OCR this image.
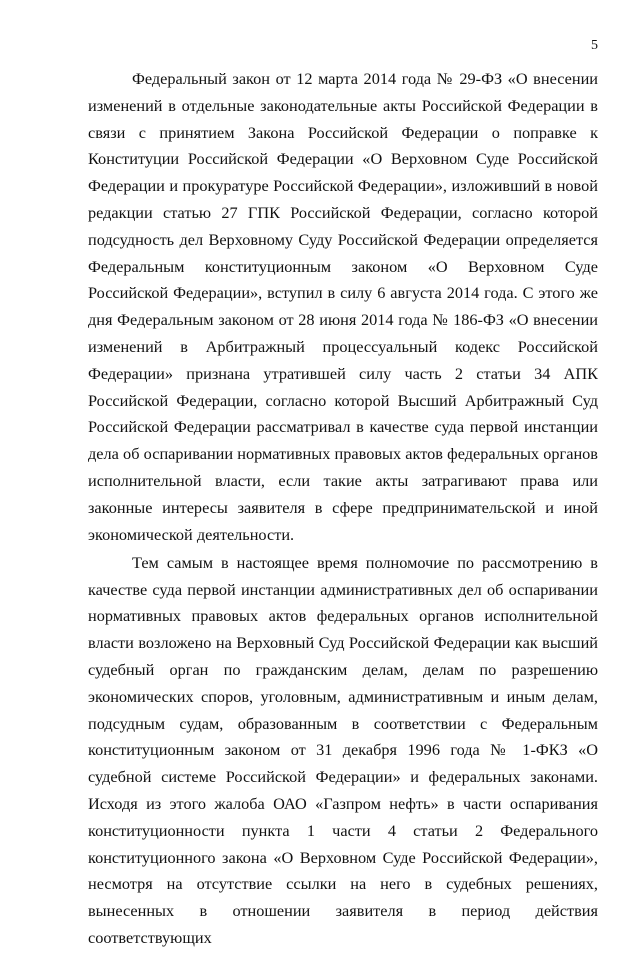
5

Федеральный закон от 12 марта 2014 года № 29-ФЗ «О внесении изменений в отдельные законодательные акты Российской Федерации в связи с принятием Закона Российской Федерации о поправке к Конституции Российской Федерации «О Верховном Суде Российской Федерации и прокуратуре Российской Федерации», изложивший в новой редакции статью 27 ГПК Российской Федерации, согласно которой подсудность дел Верховному Суду Российской Федерации определяется Федеральным конституционным законом «О Верховном Суде Российской Федерации», вступил в силу 6 августа 2014 года. С этого же дня Федеральным законом от 28 июня 2014 года № 186-ФЗ «О внесении изменений в Арбитражный процессуальный кодекс Российской Федерации» признана утратившей силу часть 2 статьи 34 АПК Российской Федерации, согласно которой Высший Арбитражный Суд Российской Федерации рассматривал в качестве суда первой инстанции дела об оспаривании нормативных правовых актов федеральных органов исполнительной власти, если такие акты затрагивают права или законные интересы заявителя в сфере предпринимательской и иной экономической деятельности.

Тем самым в настоящее время полномочие по рассмотрению в качестве суда первой инстанции административных дел об оспаривании нормативных правовых актов федеральных органов исполнительной власти возложено на Верховный Суд Российской Федерации как высший судебный орган по гражданским делам, делам по разрешению экономических споров, уголовным, административным и иным делам, подсудным судам, образованным в соответствии с Федеральным конституционным законом от 31 декабря 1996 года № 1-ФКЗ «О судебной системе Российской Федерации» и федеральных законами. Исходя из этого жалоба ОАО «Газпром нефть» в части оспаривания конституционности пункта 1 части 4 статьи 2 Федерального конституционного закона «О Верховном Суде Российской Федерации», несмотря на отсутствие ссылки на него в судебных решениях, вынесенных в отношении заявителя в период действия соответствующих
